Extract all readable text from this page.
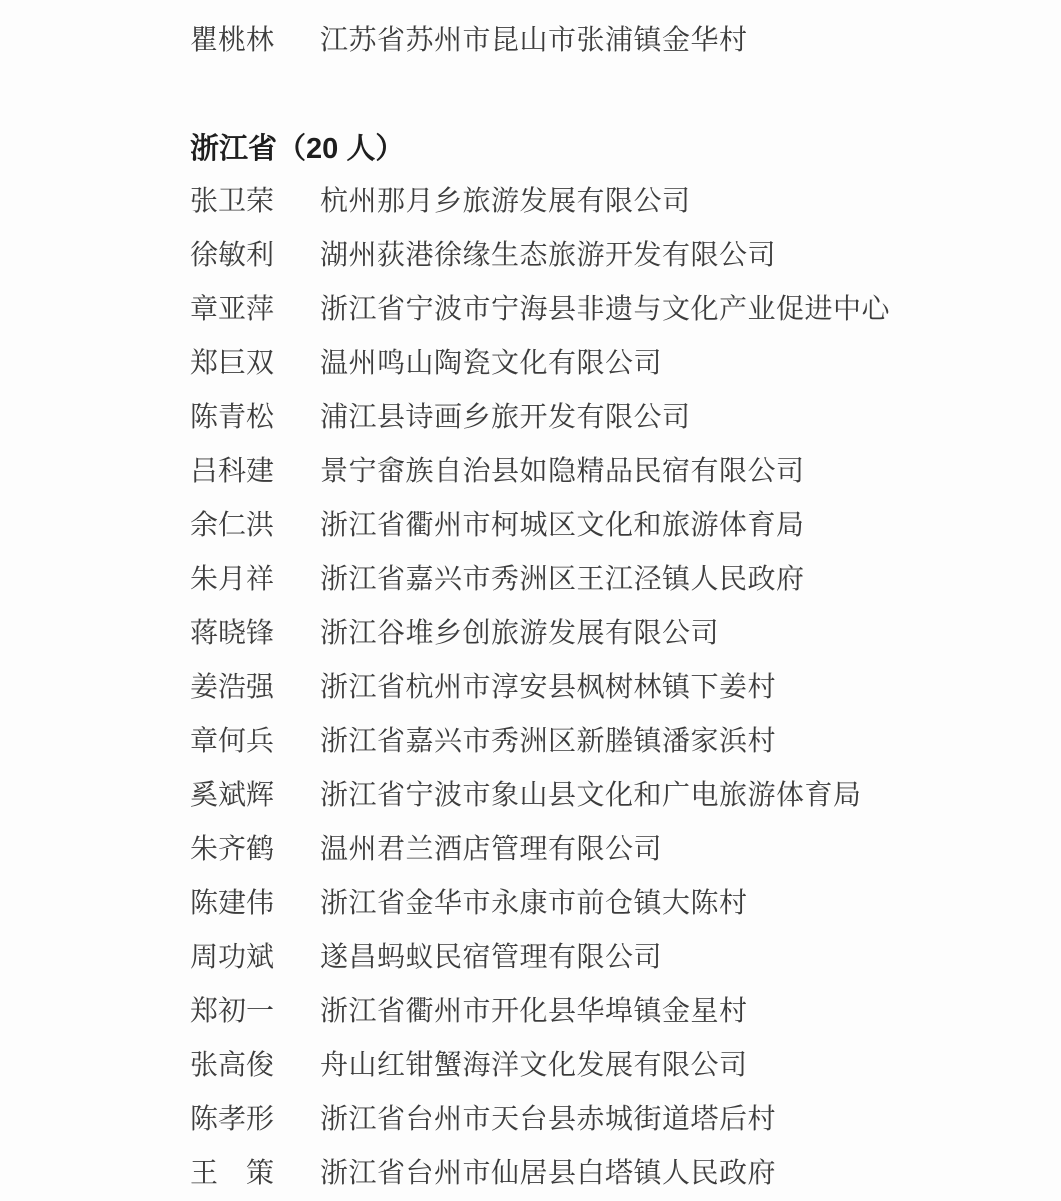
瞿桃林 江苏省苏州市昆山市张浦镇金华村
浙江省（20 人）
张卫荣 杭州那月乡旅游发展有限公司
徐敏利 湖州荻港徐缘生态旅游开发有限公司
章亚萍 浙江省宁波市宁海县非遗与文化产业促进中心
郑巨双 温州鸣山陶瓷文化有限公司
陈青松 浦江县诗画乡旅开发有限公司
吕科建 景宁畲族自治县如隐精品民宿有限公司
余仁洪 浙江省衢州市柯城区文化和旅游体育局
朱月祥 浙江省嘉兴市秀洲区王江泾镇人民政府
蒋晓锋 浙江谷堆乡创旅游发展有限公司
姜浩强 浙江省杭州市淳安县枫树林镇下姜村
章何兵 浙江省嘉兴市秀洲区新塍镇潘家浜村
奚斌辉 浙江省宁波市象山县文化和广电旅游体育局
朱齐鹤 温州君兰酒店管理有限公司
陈建伟 浙江省金华市永康市前仓镇大陈村
周功斌 遂昌蚂蚁民宿管理有限公司
郑初一 浙江省衢州市开化县华埠镇金星村
张高俊 舟山红钳蟹海洋文化发展有限公司
陈孝形 浙江省台州市天台县赤城街道塔后村
王　策 浙江省台州市仙居县白塔镇人民政府
